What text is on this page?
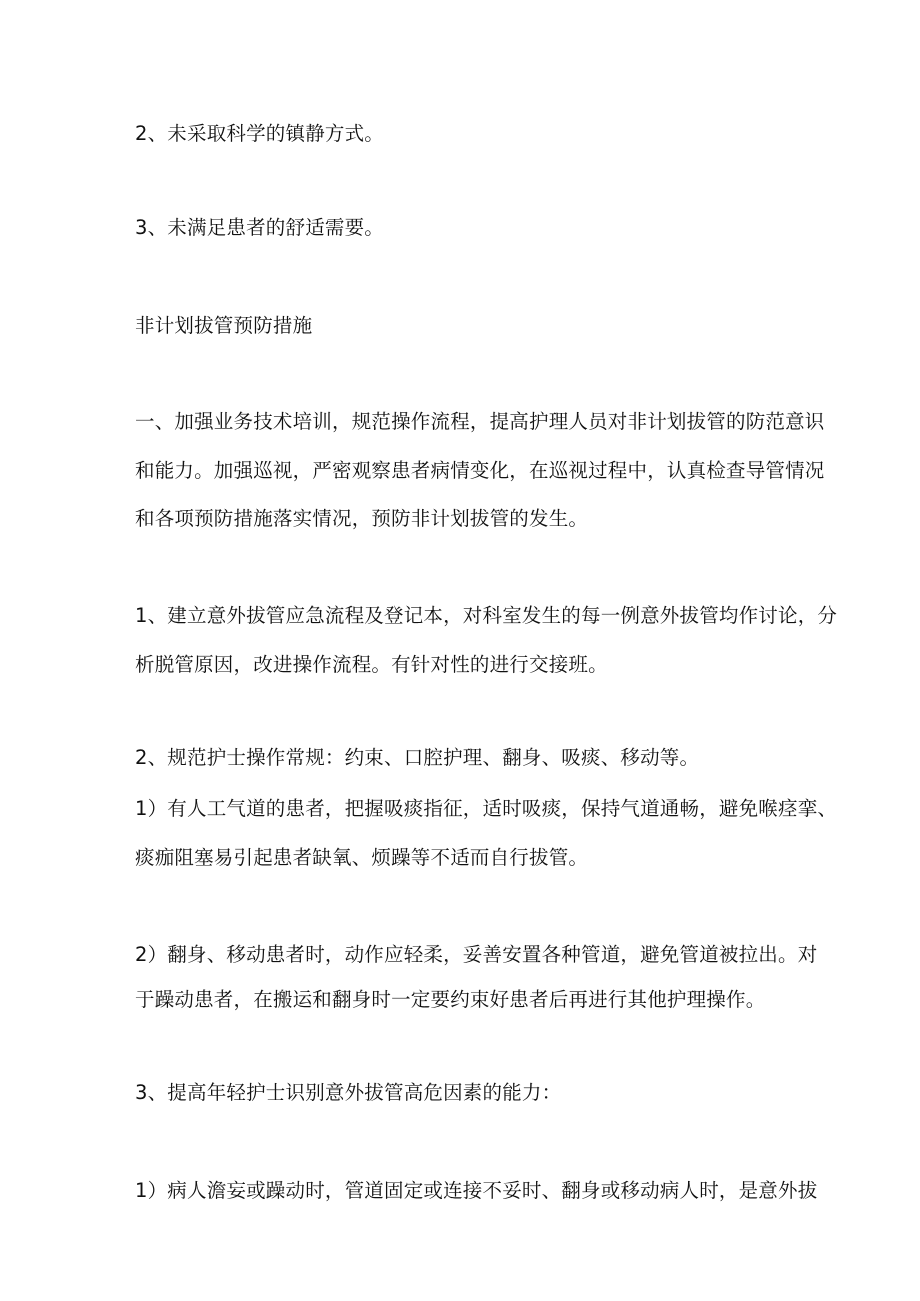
2、未采取科学的镇静方式。
3、未满足患者的舒适需要。
非计划拔管预防措施
一、加强业务技术培训，规范操作流程，提高护理人员对非计划拔管的防范意识
和能力。加强巡视，严密观察患者病情变化，在巡视过程中，认真检查导管情况
和各项预防措施落实情况，预防非计划拔管的发生。
1、建立意外拔管应急流程及登记本，对科室发生的每一例意外拔管均作讨论，分
析脱管原因，改进操作流程。有针对性的进行交接班。
2、规范护士操作常规：约束、口腔护理、翻身、吸痰、移动等。
1）有人工气道的患者，把握吸痰指征，适时吸痰，保持气道通畅，避免喉痉挛、
痰痂阻塞易引起患者缺氧、烦躁等不适而自行拔管。
2）翻身、移动患者时，动作应轻柔，妥善安置各种管道，避免管道被拉出。对
于躁动患者，在搬运和翻身时一定要约束好患者后再进行其他护理操作。
3、提高年轻护士识别意外拔管高危因素的能力：
1）病人澹妄或躁动时，管道固定或连接不妥时、翻身或移动病人时，是意外拔
